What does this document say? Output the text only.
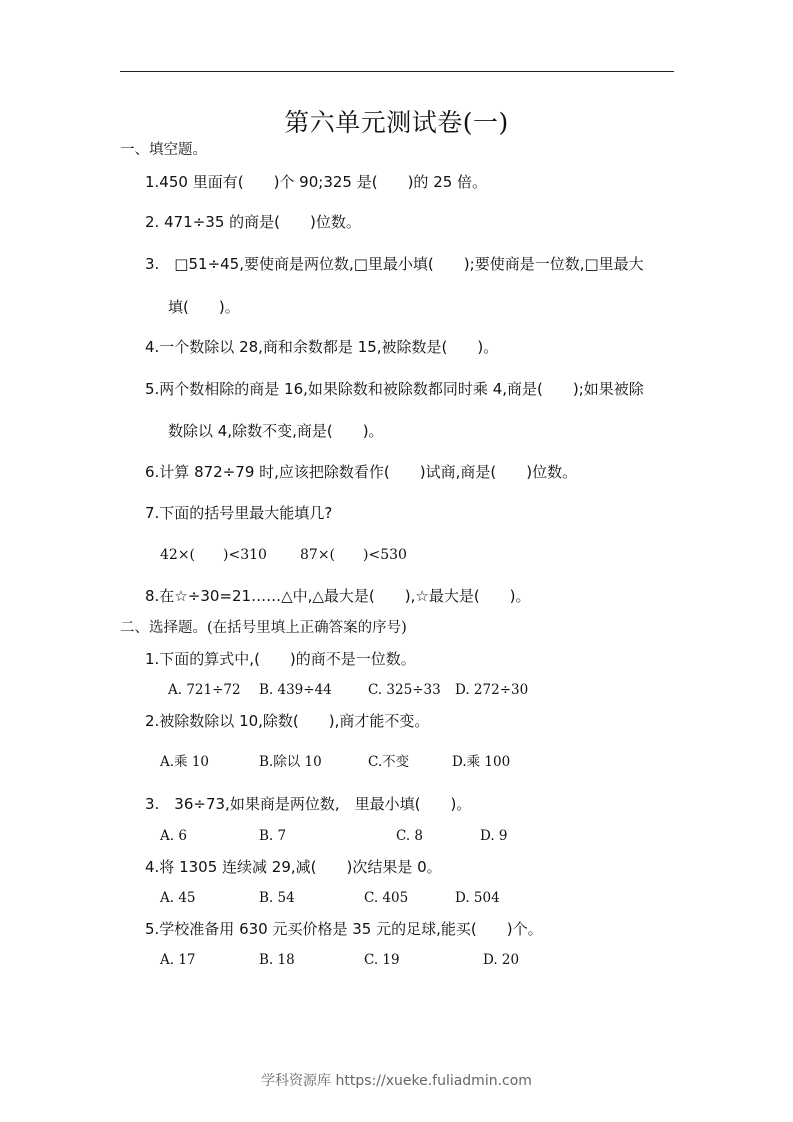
第六单元测试卷(一)
一、填空题。
1.450 里面有(　　)个 90;325 是(　　)的 25 倍。
2. 471÷35 的商是(　　)位数。
3.　□51÷45,要使商是两位数,□里最小填(　　);要使商是一位数,□里最大
填(　　)。
4.一个数除以 28,商和余数都是 15,被除数是(　　)。
5.两个数相除的商是 16,如果除数和被除数都同时乘 4,商是(　　);如果被除
数除以 4,除数不变,商是(　　)。
6.计算 872÷79 时,应该把除数看作(　　)试商,商是(　　)位数。
7.下面的括号里最大能填几?
42×(　　)<310 87×(　　)<530
8.在☆÷30=21……△中,△最大是(　　),☆最大是(　　)。
二、选择题。(在括号里填上正确答案的序号)
1.下面的算式中,(　　)的商不是一位数。
A. 721÷72 B. 439÷44	C. 325÷33 D. 272÷30
2.被除数除以 10,除数(　　),商才能不变。
A.乘 10	B.除以 10	C.不变	D.乘 100
3.　36÷73,如果商是两位数,　里最小填(　　)。
A. 6	B. 7	C. 8	D. 9
4.将 1305 连续减 29,减(　　)次结果是 0。
A. 45	B. 54	C. 405	D. 504
5.学校准备用 630 元买价格是 35 元的足球,能买(　　)个。
A. 17	B. 18	C. 19	D. 20
学科资源库 https://xueke.fuliadmin.com
